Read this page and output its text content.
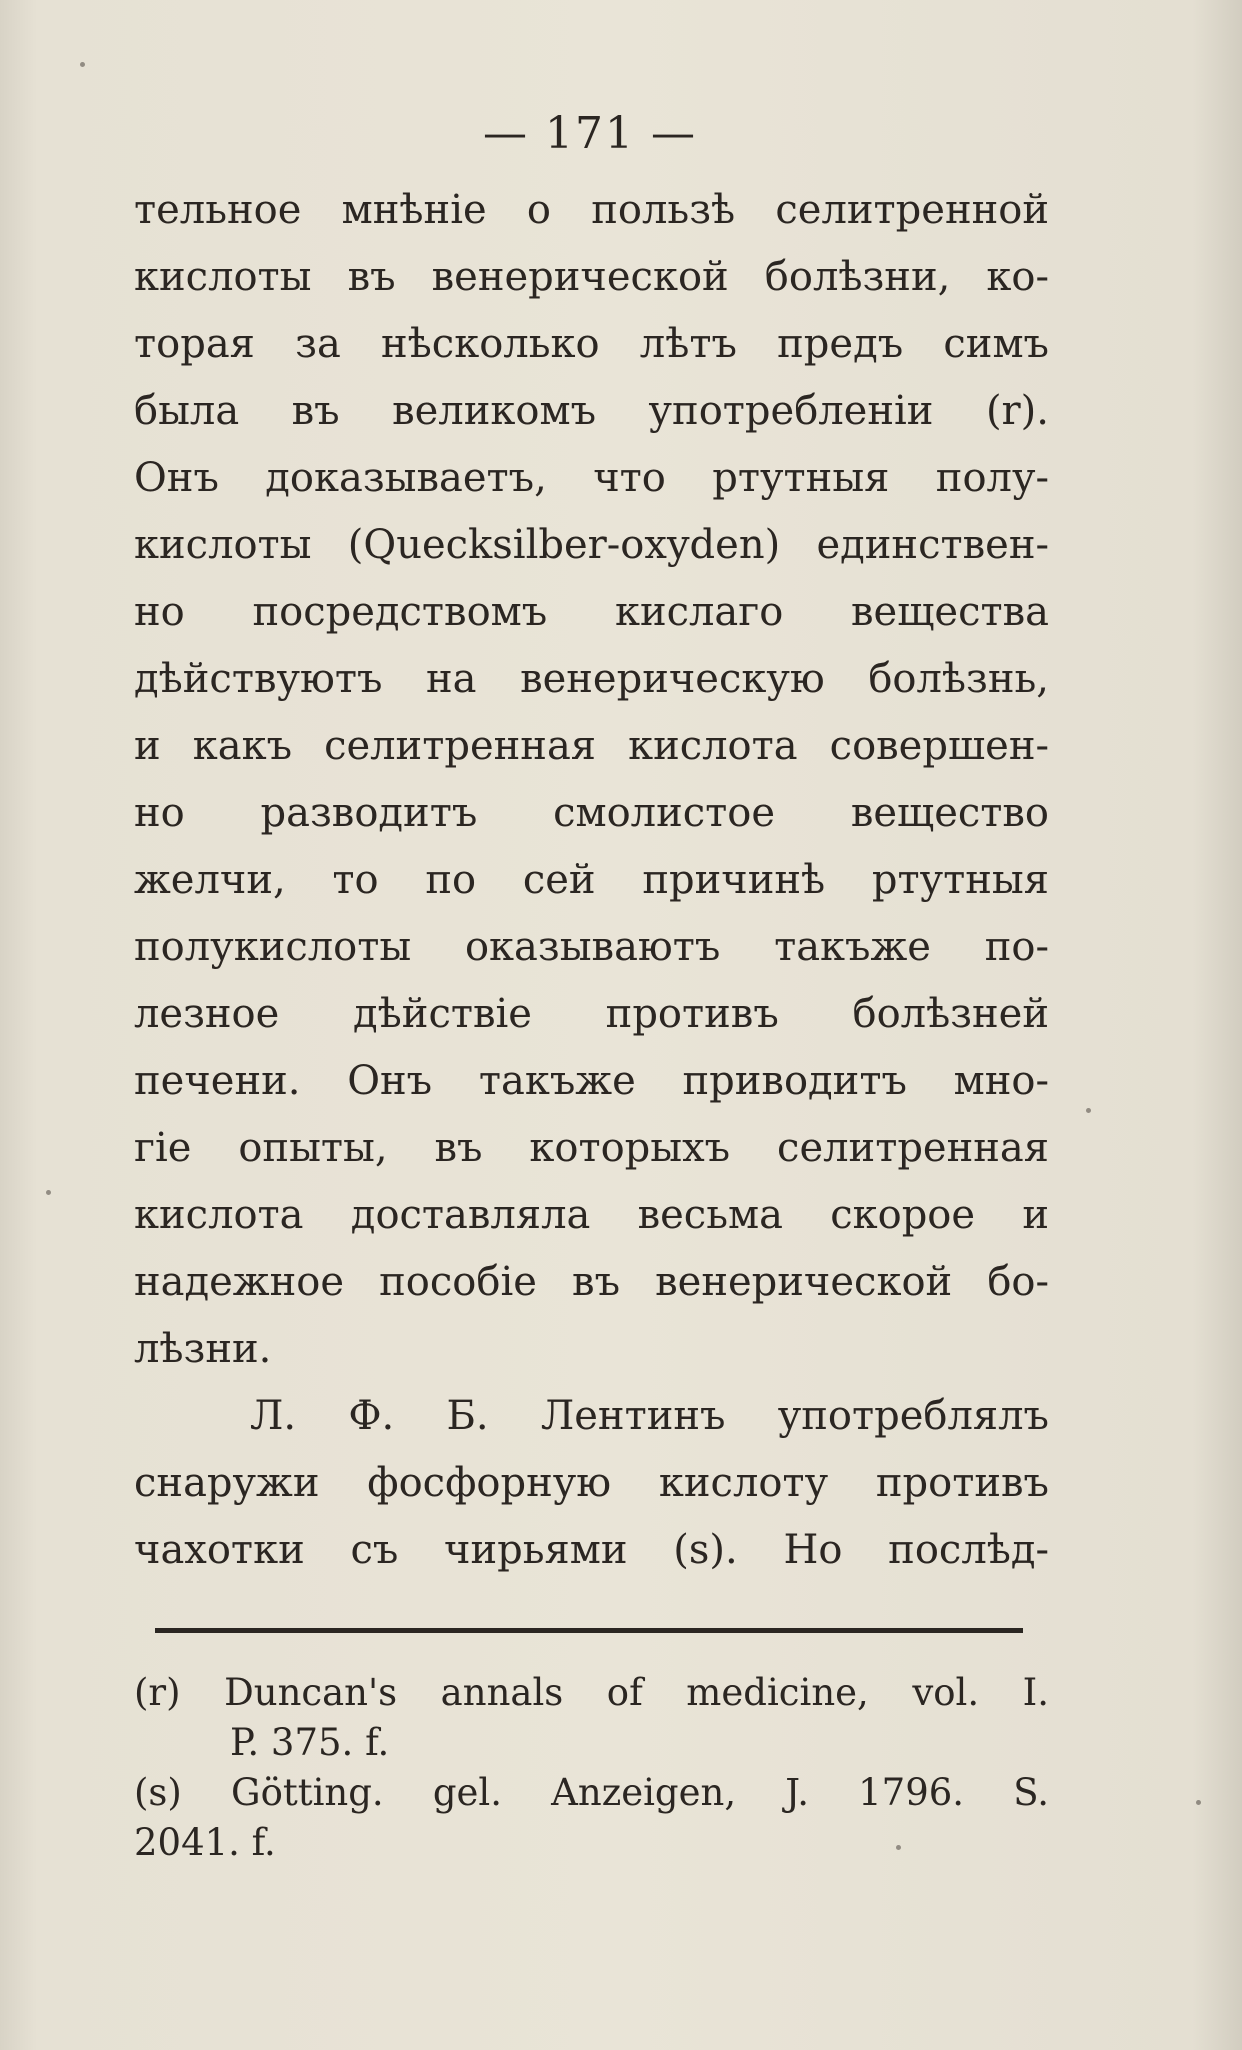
— 171 —
тельное мнѣніе о пользѣ селитренной
кислоты въ венерической болѣзни, ко-
торая за нѣсколько лѣтъ предъ симъ
была въ великомъ употребленіи (r).
Онъ доказываетъ, что ртутныя полу-
кислоты (Quecksilber-oxyden) единствен-
но посредствомъ кислаго вещества
дѣйствуютъ на венерическую болѣзнь,
и какъ селитренная кислота совершен-
но разводитъ смолистое вещество
желчи, то по сей причинѣ ртутныя
полукислоты оказываютъ такъже по-
лезное дѣйствіе противъ болѣзней
печени. Онъ такъже приводитъ мно-
гіе опыты, въ которыхъ селитренная
кислота доставляла весьма скорое и
надежное пособіе въ венерической бо-
лѣзни.
Л. Ф. Б. Лентинъ употреблялъ
снаружи фосфорную кислоту противъ
чахотки съ чирьями (s). Но послѣд-
(r) Duncan's annals of medicine, vol. I.
P. 375. f.
(s) Götting. gel. Anzeigen, J. 1796. S.
2041. f.
